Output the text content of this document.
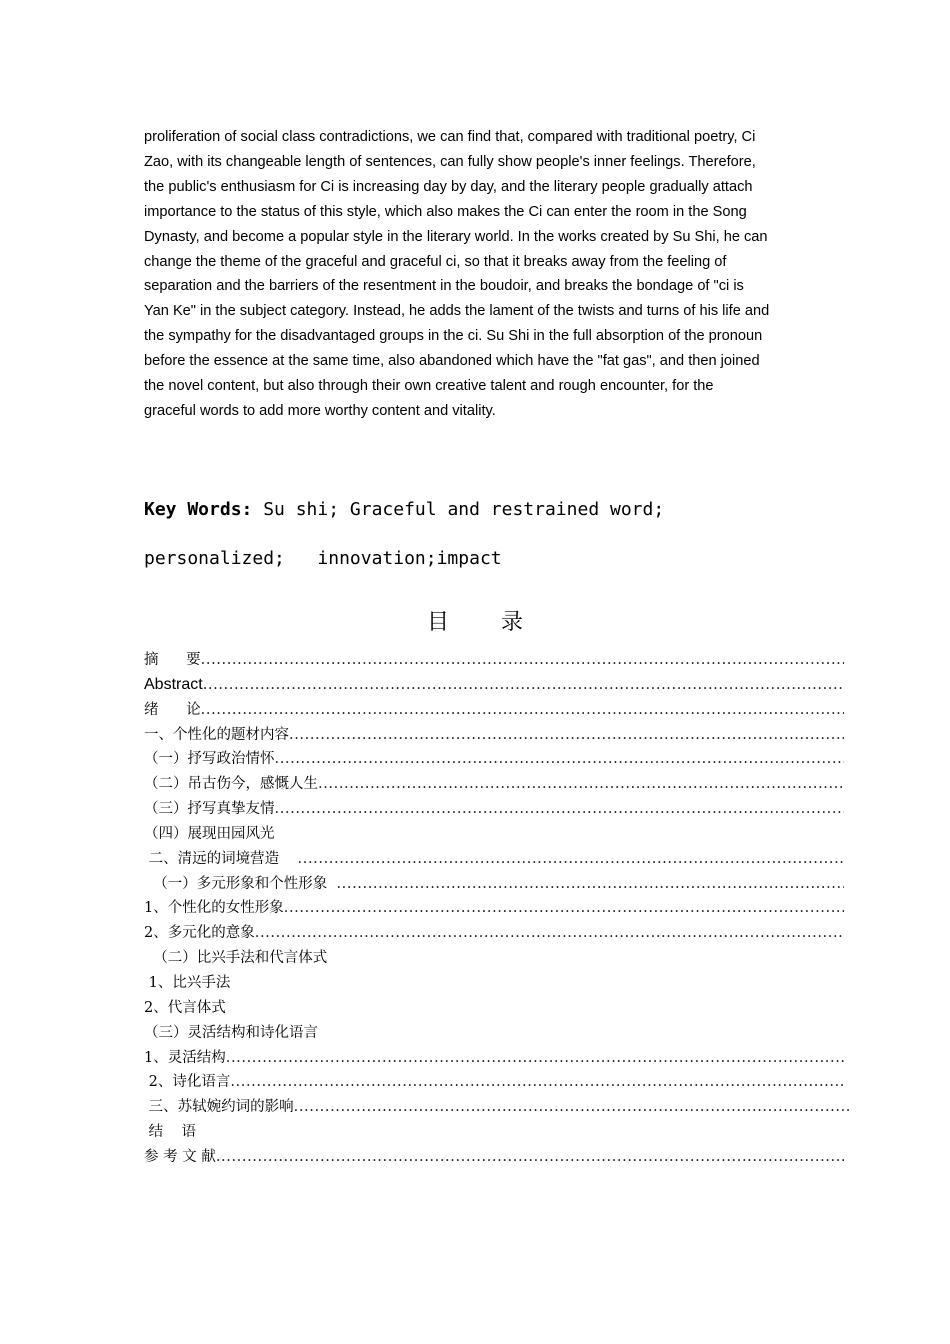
proliferation of social class contradictions, we can find that, compared with traditional poetry, Ci
Zao, with its changeable length of sentences, can fully show people's inner feelings. Therefore,
the public's enthusiasm for Ci is increasing day by day, and the literary people gradually attach
importance to the status of this style, which also makes the Ci can enter the room in the Song
Dynasty, and become a popular style in the literary world. In the works created by Su Shi, he can
change the theme of the graceful and graceful ci, so that it breaks away from the feeling of
separation and the barriers of the resentment in the boudoir, and breaks the bondage of "ci is
Yan Ke" in the subject category. Instead, he adds the lament of the twists and turns of his life and
the sympathy for the disadvantaged groups in the ci. Su Shi in the full absorption of the pronoun
before the essence at the same time, also abandoned which have the "fat gas", and then joined
the novel content, but also through their own creative talent and rough encounter, for the
graceful words to add more worthy content and vitality.
Key Words: Su shi; Graceful and restrained word;
personalized;   innovation;impact
目 录
摘      要
.....
Abstract
.....
绪      论
.....
一、个性化的题材内容
.....
（一）抒写政治情怀
.....
（二）吊古伤今，感慨人生
.....
（三）抒写真挚友情
.....
（四）展现田园风光
二、清远的词境营造
.....
（一）多元形象和个性形象
.....
1、个性化的女性形象
.....
2、多元化的意象
.....
（二）比兴手法和代言体式
1、比兴手法
2、代言体式
（三）灵活结构和诗化语言
1、灵活结构
.....
2、诗化语言
.....
三、苏轼婉约词的影响
.....
结    语
参 考 文 献
.....
